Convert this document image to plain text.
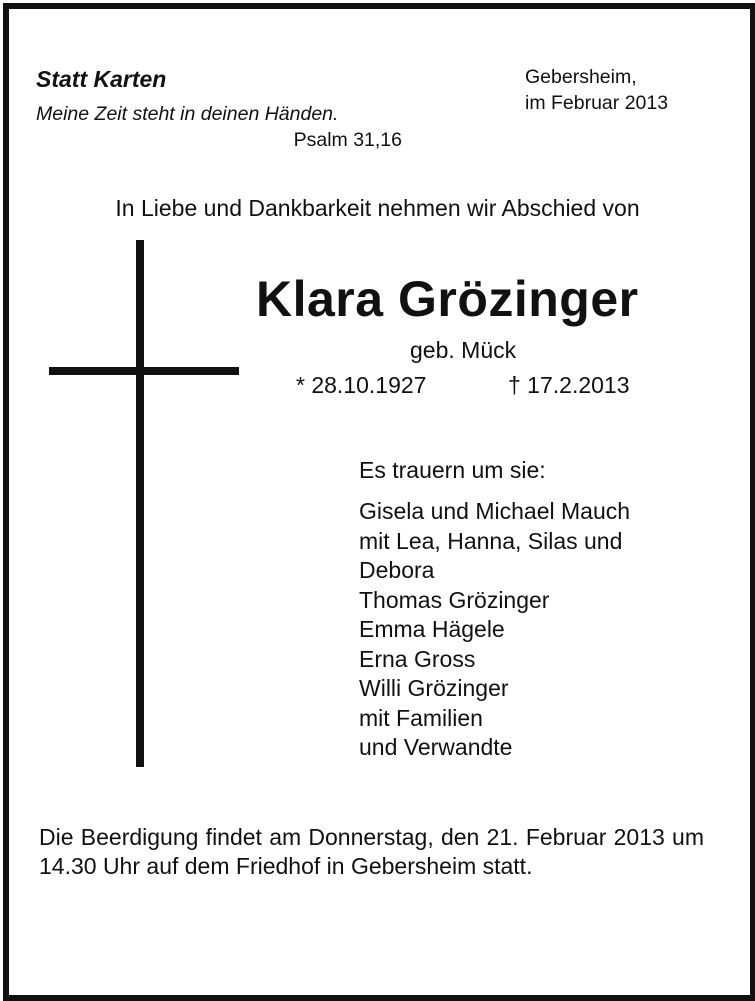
Statt Karten
Meine Zeit steht in deinen Händen.
Psalm 31,16
Gebersheim,
im Februar 2013
In Liebe und Dankbarkeit nehmen wir Abschied von
Klara Grözinger
geb. Mück
* 28.10.1927	† 17.2.2013
Es trauern um sie:
Gisela und Michael Mauch
mit Lea, Hanna, Silas und
Debora
Thomas Grözinger
Emma Hägele
Erna Gross
Willi Grözinger
mit Familien
und Verwandte
Die Beerdigung findet am Donnerstag, den 21. Februar 2013 um 14.30 Uhr auf dem Friedhof in Gebersheim statt.
